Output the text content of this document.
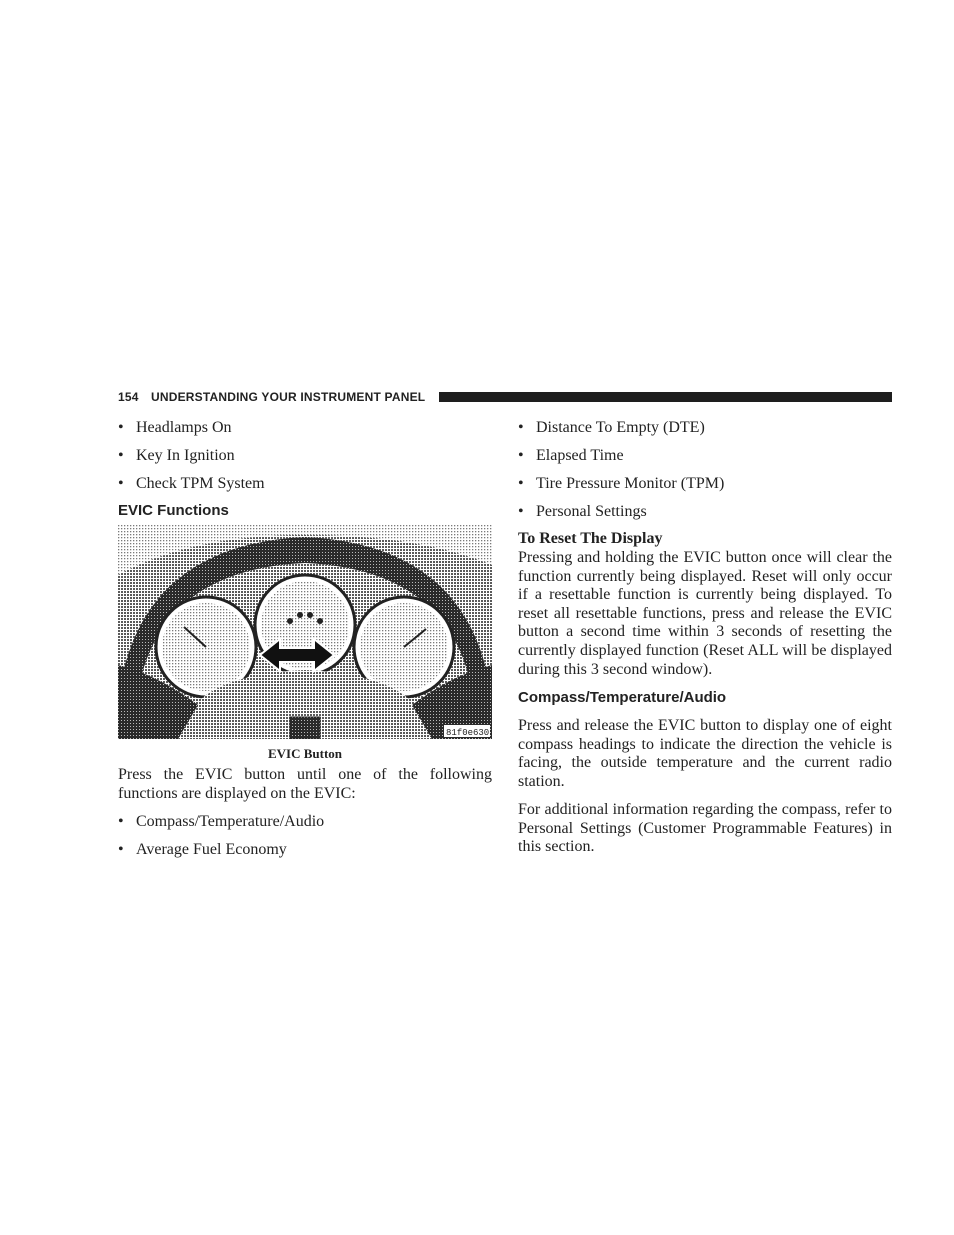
154 UNDERSTANDING YOUR INSTRUMENT PANEL
• Headlamps On
• Key In Ignition
• Check TPM System
EVIC Functions
81f0e630
EVIC Button
Press the EVIC button until one of the following functions are displayed on the EVIC:
• Compass/Temperature/Audio
• Average Fuel Economy
• Distance To Empty (DTE)
• Elapsed Time
• Tire Pressure Monitor (TPM)
• Personal Settings
To Reset The Display
Pressing and holding the EVIC button once will clear the function currently being displayed. Reset will only occur if a resettable function is currently being displayed. To reset all resettable functions, press and release the EVIC button a second time within 3 seconds of resetting the currently displayed function (Reset ALL will be displayed during this 3 second window).
Compass/Temperature/Audio
Press and release the EVIC button to display one of eight compass headings to indicate the direction the vehicle is facing, the outside temperature and the current radio station.
For additional information regarding the compass, refer to Personal Settings (Customer Programmable Features) in this section.
